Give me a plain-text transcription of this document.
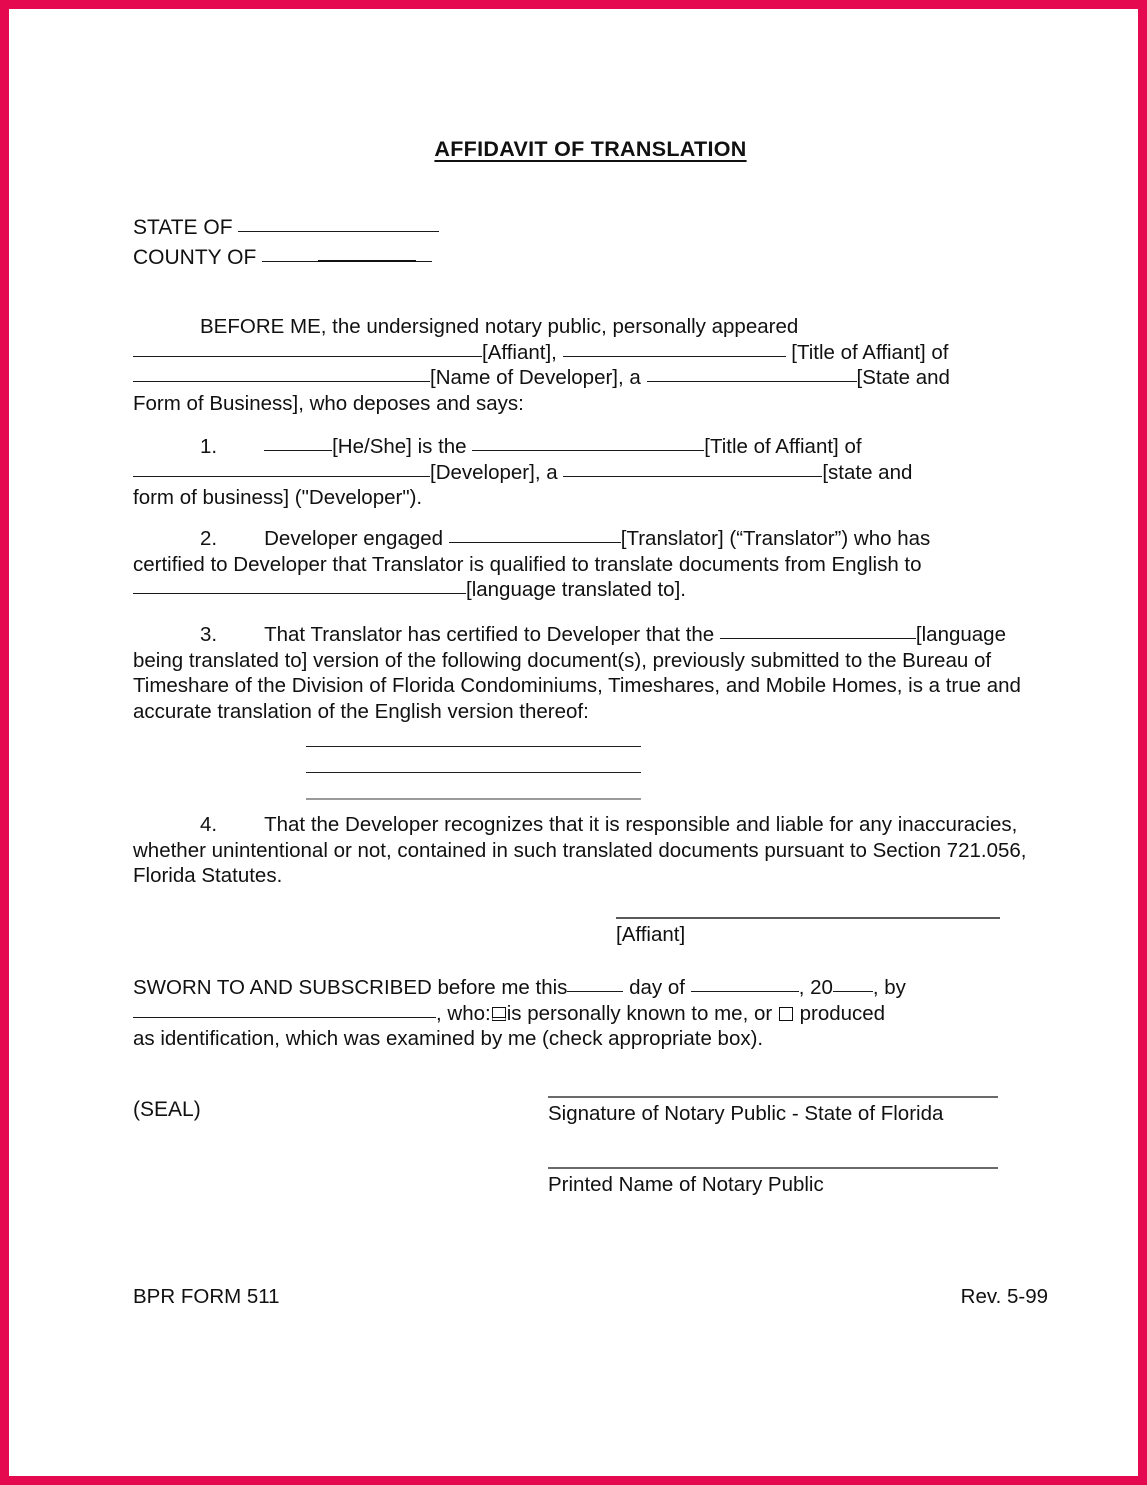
AFFIDAVIT OF TRANSLATION
STATE OF
COUNTY OF

BEFORE ME, the undersigned notary public, personally appeared

[Affiant],	[Title of Affiant] of

[Name of Developer], a	[State and

Form of Business], who deposes and says:

1.	[He/She] is the	[Title of Affiant] of

[Developer], a	[state and

form of business] ("Developer").

2. Developer engaged	[Translator] (“Translator”) who has

certified to Developer that Translator is qualified to translate documents from English to

[language translated to].

3. That Translator has certified to Developer that the	[language

being translated to] version of the following document(s), previously submitted to the Bureau of

Timeshare of the Division of Florida Condominiums, Timeshares, and Mobile Homes, is a true and

accurate translation of the English version thereof:

4. That the Developer recognizes that it is responsible and liable for any inaccuracies,

whether unintentional or not, contained in such translated documents pursuant to Section 721.056,

Florida Statutes.

[Affiant]

SWORN TO AND SUBSCRIBED before me this	day of	, 20 , by

, who: is personally known to me, or produced

as identification, which was examined by me (check appropriate box).

(SEAL)	Signature of Notary Public - State of Florida
Printed Name of Notary Public
BPR FORM 511	Rev. 5-99
